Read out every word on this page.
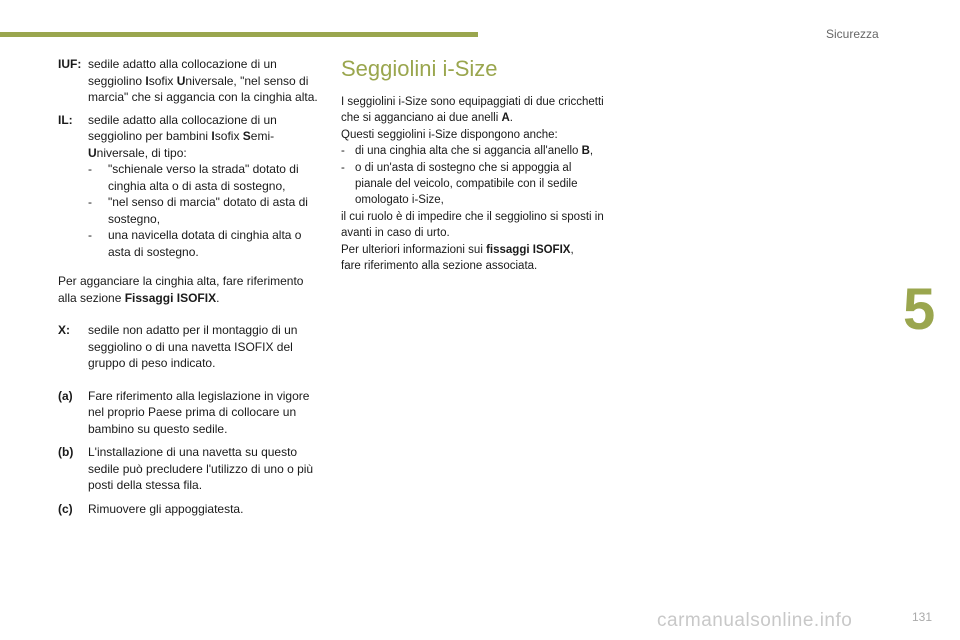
Sicurezza
5
IUF: sedile adatto alla collocazione di un seggiolino Isofix Universale, "nel senso di marcia" che si aggancia con la cinghia alta.
IL:	sedile adatto alla collocazione di un seggiolino per bambini Isofix Semi-
Universale, di tipo:
-	"schienale verso la strada" dotato di cinghia alta o di asta di sostegno,
-	"nel senso di marcia" dotato di asta di sostegno,
-	una navicella dotata di cinghia alta o asta di sostegno.
Per agganciare la cinghia alta, fare riferimento alla sezione Fissaggi ISOFIX.
X:	sedile non adatto per il montaggio di un seggiolino o di una navetta ISOFIX del gruppo di peso indicato.
(a)	Fare riferimento alla legislazione in vigore nel proprio Paese prima di collocare un bambino su questo sedile.
(b)	L'installazione di una navetta su questo sedile può precludere l'utilizzo di uno o più posti della stessa fila.
(c)	Rimuovere gli appoggiatesta.
Seggiolini i-Size
I seggiolini i-Size sono equipaggiati di due cricchetti che si agganciano ai due anelli A.
Questi seggiolini i-Size dispongono anche:
- di una cinghia alta che si aggancia all'anello B,
- o di un'asta di sostegno che si appoggia al pianale del veicolo, compatibile con il sedile omologato i-Size,
il cui ruolo è di impedire che il seggiolino si sposti in avanti in caso di urto.
Per ulteriori informazioni sui fissaggi ISOFIX,
fare riferimento alla sezione associata.
carmanualsonline.info	131
